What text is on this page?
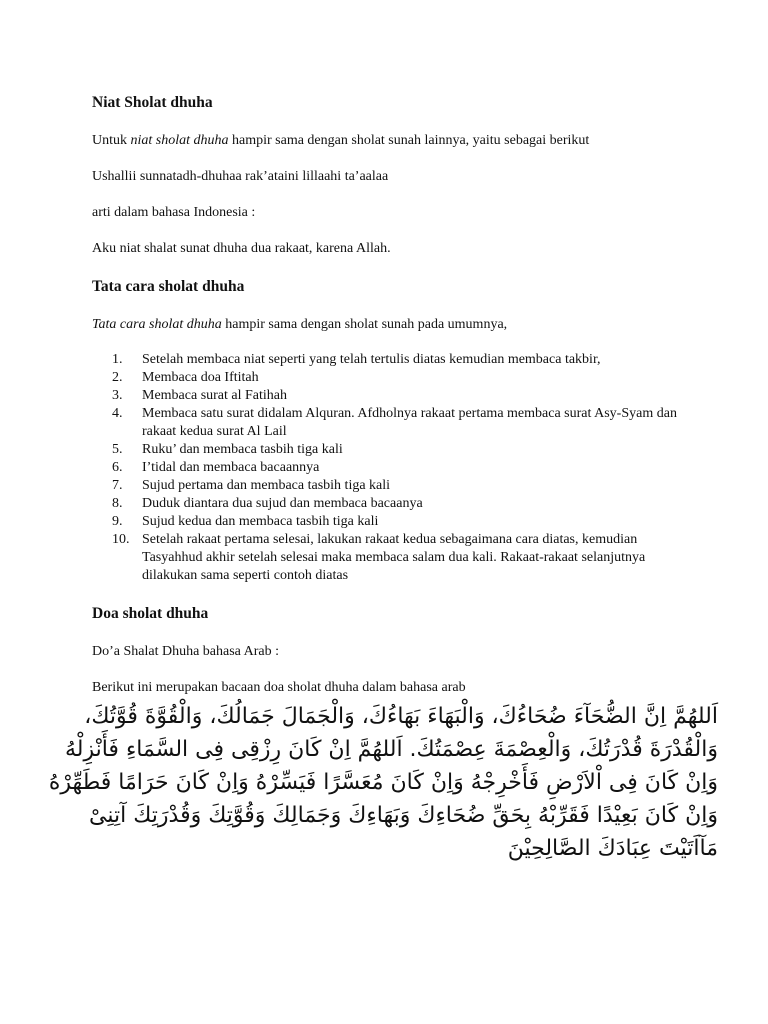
Niat Sholat dhuha

Untuk niat sholat dhuha hampir sama dengan sholat sunah lainnya, yaitu sebagai berikut

Ushallii sunnatadh-dhuhaa rak’ataini lillaahi ta’aalaa

arti dalam bahasa Indonesia :

Aku niat shalat sunat dhuha dua rakaat, karena Allah.

Tata cara sholat dhuha

Tata cara sholat dhuha hampir sama dengan sholat sunah pada umumnya,

1.	Setelah membaca niat seperti yang telah tertulis diatas kemudian membaca takbir,
2.	Membaca doa Iftitah
3.	Membaca surat al Fatihah
4.	Membaca satu surat didalam Alquran. Afdholnya rakaat pertama membaca surat Asy-Syam dan rakaat kedua surat Al Lail
5.	Ruku’ dan membaca tasbih tiga kali
6.	I’tidal dan membaca bacaannya
7.	Sujud pertama dan membaca tasbih tiga kali
8.	Duduk diantara dua sujud dan membaca bacaanya
9.	Sujud kedua dan membaca tasbih tiga kali
10. Setelah rakaat pertama selesai, lakukan rakaat kedua sebagaimana cara diatas, kemudian Tasyahhud akhir setelah selesai maka membaca salam dua kali. Rakaat-rakaat selanjutnya dilakukan sama seperti contoh diatas

Doa sholat dhuha

Do’a Shalat Dhuha bahasa Arab :

Berikut ini merupakan bacaan doa sholat dhuha dalam bahasa arab

اَللهُمَّ اِنَّ الضُّحَآءَ ضُحَاءُكَ، وَالْبَهَاءَ بَهَاءُكَ، وَالْجَمَالَ جَمَالُكَ، وَالْقُوَّةَ قُوَّتُكَ،
وَالْقُدْرَةَ قُدْرَتُكَ، وَالْعِصْمَةَ عِصْمَتُكَ. اَللهُمَّ اِنْ كَانَ رِزْقِى فِى السَّمَاءِ فَأَنْزِلْهُ
وَاِنْ كَانَ فِى اْلاَرْضِ فَأَخْرِجْهُ وَاِنْ كَانَ مُعَسَّرًا فَيَسِّرْهُ وَاِنْ كَانَ حَرَامًا فَطَهِّرْهُ
وَاِنْ كَانَ بَعِيْدًا فَقَرِّبْهُ بِحَقِّ ضُحَاءِكَ وَبَهَاءِكَ وَجَمَالِكَ وَقُوَّتِكَ وَقُدْرَتِكَ آتِنِىْ
مَآاَتَيْتَ عِبَادَكَ الصَّالِحِيْنَ
